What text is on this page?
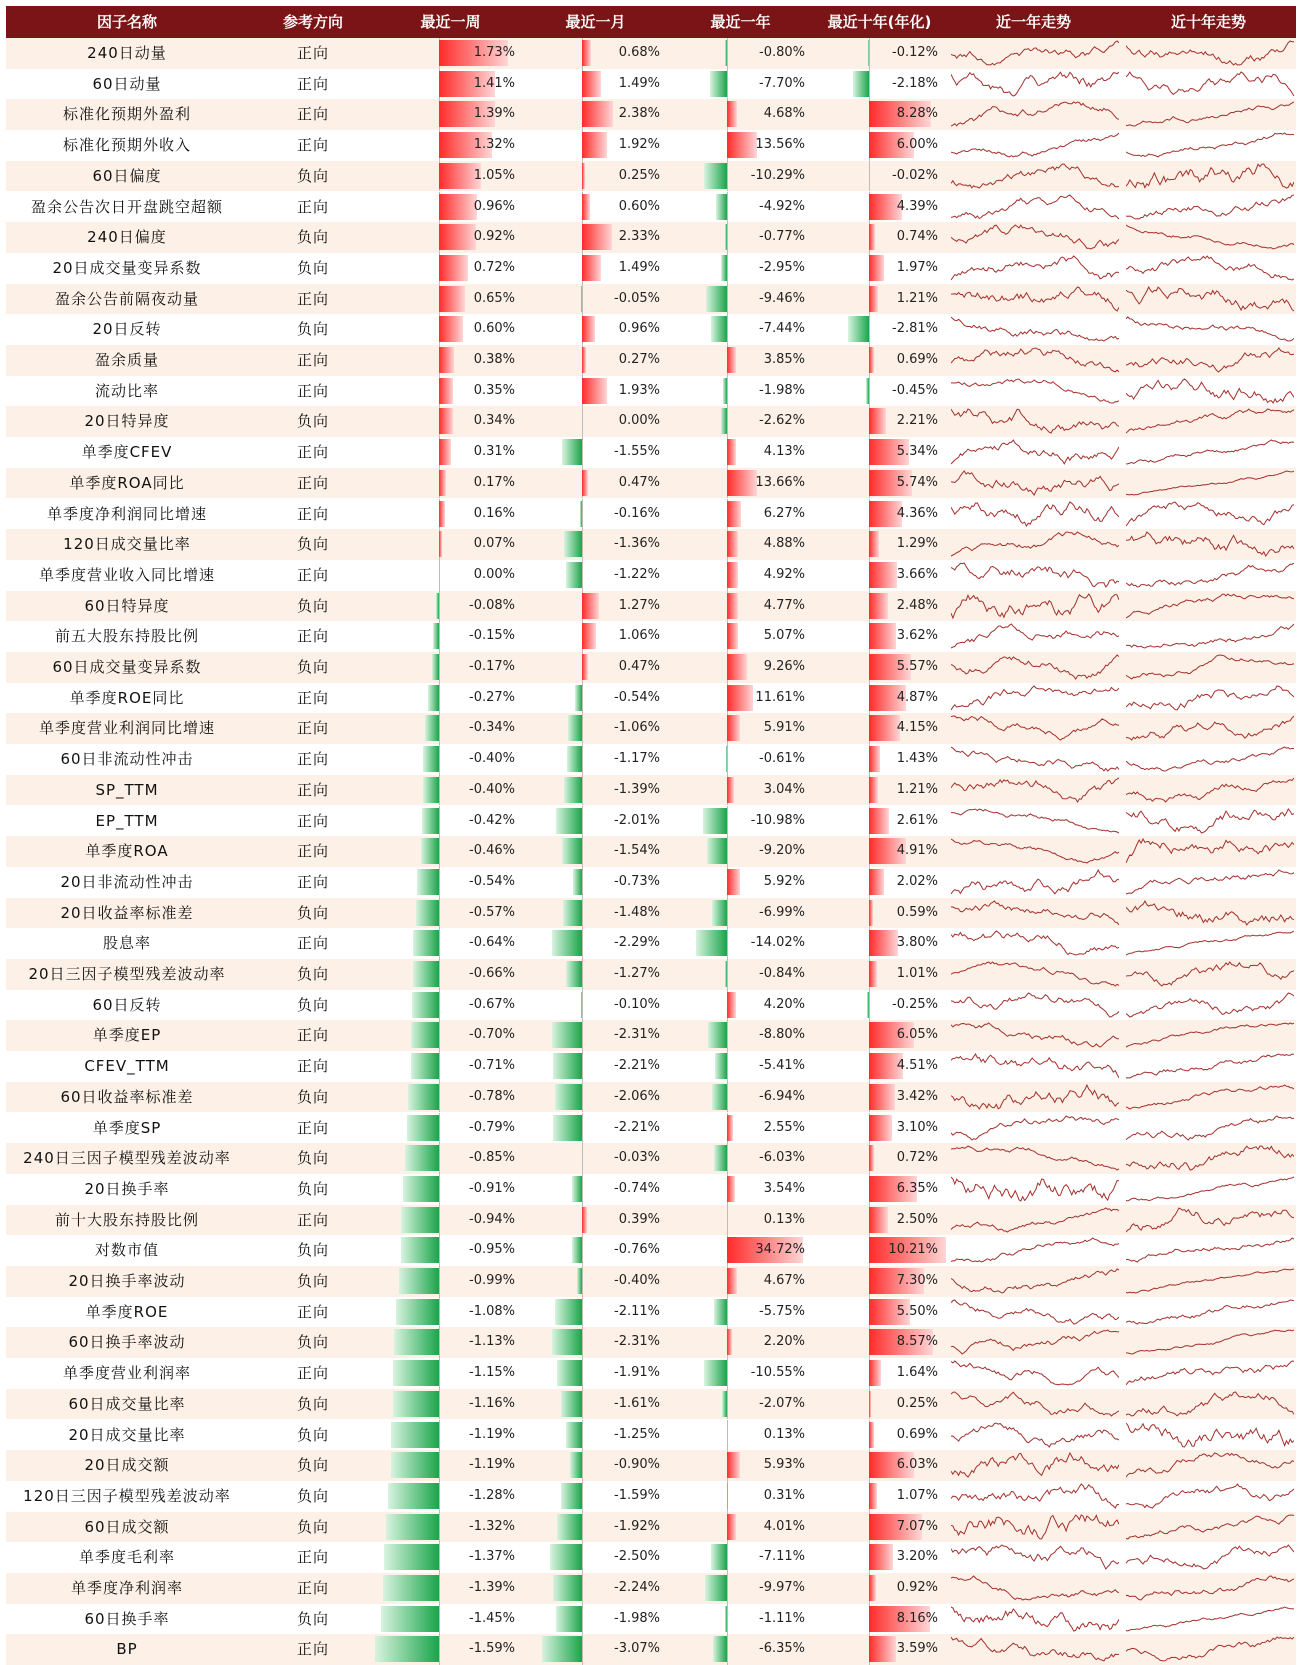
因子名称	参考方向	最近一周	最近一月	最近一年	最近十年(年化)	近一年走势	近十年走势
240日动量	正向	1.73%	0.68%	-0.80%	-0.12%
60日动量	正向	1.41%	1.49%	-7.70%	-2.18%
标准化预期外盈利	正向	1.39%	2.38%	4.68%	8.28%
标准化预期外收入	正向	1.32%	1.92%	13.56%	6.00%
60日偏度	负向	1.05%	0.25%	-10.29%	-0.02%
盈余公告次日开盘跳空超额	正向	0.96%	0.60%	-4.92%	4.39%
240日偏度	负向	0.92%	2.33%	-0.77%	0.74%
20日成交量变异系数	负向	0.72%	1.49%	-2.95%	1.97%
盈余公告前隔夜动量	正向	0.65%	-0.05%	-9.46%	1.21%
20日反转	负向	0.60%	0.96%	-7.44%	-2.81%
盈余质量	正向	0.38%	0.27%	3.85%	0.69%
流动比率	正向	0.35%	1.93%	-1.98%	-0.45%
20日特异度	负向	0.34%	0.00%	-2.62%	2.21%
单季度CFEV	正向	0.31%	-1.55%	4.13%	5.34%
单季度ROA同比	正向	0.17%	0.47%	13.66%	5.74%
单季度净利润同比增速	正向	0.16%	-0.16%	6.27%	4.36%
120日成交量比率	负向	0.07%	-1.36%	4.88%	1.29%
单季度营业收入同比增速	正向	0.00%	-1.22%	4.92%	3.66%
60日特异度	负向	-0.08%	1.27%	4.77%	2.48%
前五大股东持股比例	正向	-0.15%	1.06%	5.07%	3.62%
60日成交量变异系数	负向	-0.17%	0.47%	9.26%	5.57%
单季度ROE同比	正向	-0.27%	-0.54%	11.61%	4.87%
单季度营业利润同比增速	正向	-0.34%	-1.06%	5.91%	4.15%
60日非流动性冲击	正向	-0.40%	-1.17%	-0.61%	1.43%
SP_TTM	正向	-0.40%	-1.39%	3.04%	1.21%
EP_TTM	正向	-0.42%	-2.01%	-10.98%	2.61%
单季度ROA	正向	-0.46%	-1.54%	-9.20%	4.91%
20日非流动性冲击	正向	-0.54%	-0.73%	5.92%	2.02%
20日收益率标准差	负向	-0.57%	-1.48%	-6.99%	0.59%
股息率	正向	-0.64%	-2.29%	-14.02%	3.80%
20日三因子模型残差波动率	负向	-0.66%	-1.27%	-0.84%	1.01%
60日反转	负向	-0.67%	-0.10%	4.20%	-0.25%
单季度EP	正向	-0.70%	-2.31%	-8.80%	6.05%
CFEV_TTM	正向	-0.71%	-2.21%	-5.41%	4.51%
60日收益率标准差	负向	-0.78%	-2.06%	-6.94%	3.42%
单季度SP	正向	-0.79%	-2.21%	2.55%	3.10%
240日三因子模型残差波动率	负向	-0.85%	-0.03%	-6.03%	0.72%
20日换手率	负向	-0.91%	-0.74%	3.54%	6.35%
前十大股东持股比例	正向	-0.94%	0.39%	0.13%	2.50%
对数市值	负向	-0.95%	-0.76%	34.72%	10.21%
20日换手率波动	负向	-0.99%	-0.40%	4.67%	7.30%
单季度ROE	正向	-1.08%	-2.11%	-5.75%	5.50%
60日换手率波动	负向	-1.13%	-2.31%	2.20%	8.57%
单季度营业利润率	正向	-1.15%	-1.91%	-10.55%	1.64%
60日成交量比率	负向	-1.16%	-1.61%	-2.07%	0.25%
20日成交量比率	负向	-1.19%	-1.25%	0.13%	0.69%
20日成交额	负向	-1.19%	-0.90%	5.93%	6.03%
120日三因子模型残差波动率	负向	-1.28%	-1.59%	0.31%	1.07%
60日成交额	负向	-1.32%	-1.92%	4.01%	7.07%
单季度毛利率	正向	-1.37%	-2.50%	-7.11%	3.20%
单季度净利润率	正向	-1.39%	-2.24%	-9.97%	0.92%
60日换手率	负向	-1.45%	-1.98%	-1.11%	8.16%
BP	正向	-1.59%	-3.07%	-6.35%	3.59%
